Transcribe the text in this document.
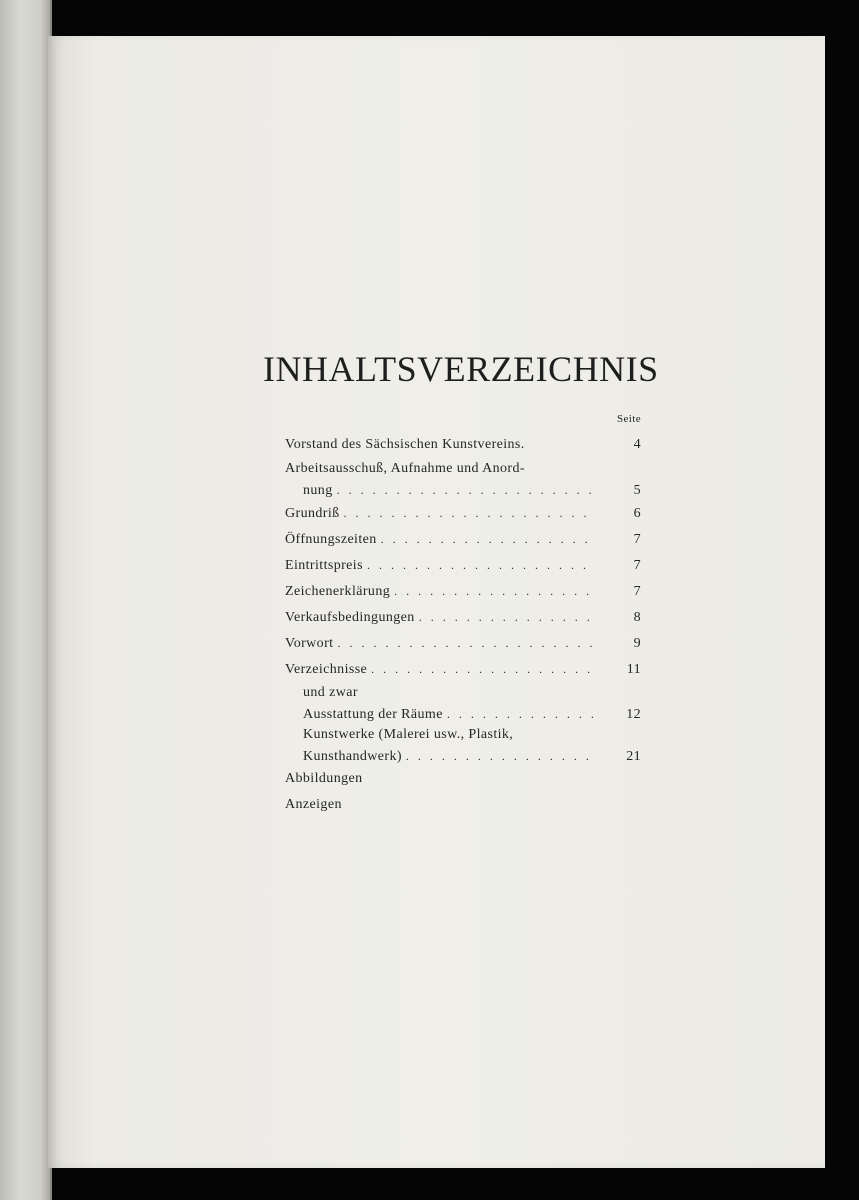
INHALTSVERZEICHNIS
Seite
Vorstand des Sächsischen Kunstvereins.	4
Arbeitsausschuß, Aufnahme und Anord-
nung . . .	5
Grundriß . . .	6
Öffnungszeiten . . .	7
Eintrittspreis . . .	7
Zeichenerklärung . . .	7
Verkaufsbedingungen . . .	8
Vorwort . . .	9
Verzeichnisse . . .	11
und zwar
Ausstattung der Räume . . .	12
Kunstwerke (Malerei usw., Plastik,
Kunsthandwerk) . . .	21
Abbildungen
Anzeigen
